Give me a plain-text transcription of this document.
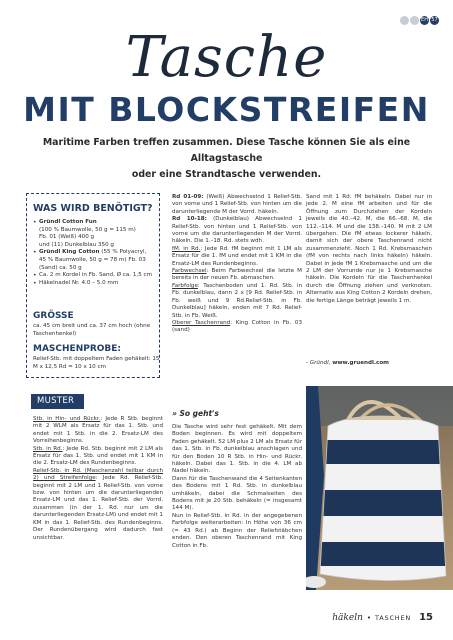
EH 57
Tasche
MIT BLOCKSTREIFEN
Maritime Farben treffen zusammen. Diese Tasche können Sie als eine Alltagstasche
oder eine Strandtasche verwenden.
WAS WIRD BENÖTIGT?
• Gründl Cotton Fun
(100 % Baumwolle, 50 g = 115 m)
Fb. 01 (Weiß) 400 g
und (11) Dunkelblau 350 g
• Gründl King Cotton (55 % Polyacryl,
45 % Baumwolle, 50 g = 78 m) Fb. 03
(Sand) ca. 50 g
• Ca. 2 m Kordel in Fb. Sand, Ø ca. 1,5 cm
• Häkelnadel Nr. 4.0 – 5.0 mm
GRÖSSE
ca. 45 cm breit und ca. 37 cm hoch (ohne Taschenhenkel)
MASCHENPROBE:
Relief-Stb. mit doppeltem Faden gehäkelt: 15 M x 12,5 Rd = 10 x 10 cm
MUSTER

Stb. in Hin- und Rückr.: Jede R Stb. beginnt mit 2 WLM als Ersatz für das 1. Stb. und endet mit 1 Stb. in die 2. Ersatz-LM des Vorreihenbeginns.

Stb. in Rd.: Jede Rd. Stb. beginnt mit 2 LM als Ersatz für das 1. Stb. und endet mit 1 KM in die 2. Ersatz-LM des Rundenbeginns.

Relief-Stb. in Rd. (Maschenzahl teilbar durch 2) und Streifenfolge: Jede Rd. Relief-Stb. beginnt mit 2 LM und 1 Relief-Stb. von vorne bzw. von hinten um die darunterliegenden Ersatz-LM und das 1. Relief-Stb. der Vorrd. zusammen (in der 1. Rd. nur um die darunterliegenden Ersatz-LM) und endet mit 1 KM in das 1. Relief-Stb. des Rundenbeginns. Der Rundenübergang wird dadurch fast unsichtbar.

Rd 01-09: (Weiß) Abwechselnd 1 Relief-Stb. von vorne und 1 Relief-Stb. von hinten um die darunterliegende M der Vorrd. häkeln.

Rd 10-18: (Dunkelblau) Abwechselnd 1 Relief-Stb. von hinten und 1 Relief-Stb. von vorne um die darunterliegenden M der Vorrd. häkeln. Die 1.–18. Rd. stets wdh.

fM. in Rd.: Jede Rd. fM beginnt mit 1 LM als Ersatz für die 1. fM und endet mit 1 KM in die Ersatz-LM des Rundenbeginns.

Farbwechsel: Beim Farbwechsel die letzte M bereits in der neuen Fb. abmaschen.

Farbfolge: Taschenboden und 1. Rd. Stb. in Fb. dunkelblau, dann 2 x [9 Rd. Relief-Stb. in Fb. weiß und 9 Rd.Relief-Stb. in Fb. Dunkelblau] häkeln, enden mit 7 Rd. Relief-Stb. in Fb. Weiß.

Oberer Taschenrand: King Cotton in Fb. 03 (sand)

» So geht's

Die Tasche wird sehr fest gehäkelt. Mit dem Boden beginnen. Es wird mit doppeltem Faden gehäkelt. 52 LM plus 2 LM als Ersatz für das 1. Stb. in Fb. dunkelblau anschlagen und für den Boden 10 R Stb. in Hin- und Rückr. häkeln. Dabei das 1. Stb. in die 4. LM ab Nadel häkeln.

Dann für die Taschenwand die 4 Seitenkanten des Bodens mit 1 Rd. Stb. in dunkelblau umhäkeln, dabei die Schmalseiten des Bodens mit je 20 Stb. behäkeln (= insgesamt 144 M).

Nun in Relief-Stb. in Rd. in der angegebenen Farbfolge weiterarbeiten: In Höhe von 36 cm (= 43 Rd.) ab Beginn der Reliefstäbchen enden. Den oberen Taschenrand mit King Cotton in Fb.

Sand mit 1 Rd. fM behäkeln. Dabei nur in jede 2. M eine fM arbeiten und für die Öffnung zum Durchziehen der Kordeln jeweils die 40.–42. M, die 66.–68. M, die 112.–114. M und die 138.–140. M mit 2 LM übergehen. Die fM etwas lockerer häkeln, damit sich der obere Taschenrand nicht zusammenzieht. Noch 1 Rd. Krebsmaschen (fM von rechts nach links häkeln) häkeln. Dabei in jede fM 1 Krebsmasche und um die 2 LM der Vorrunde nur je 1 Krebsmasche häkeln. Die Kordeln für die Taschenhenkel durch die Öffnung ziehen und verknoten. Alternativ aus King Cotton 2 Kordeln drehen, die fertige Länge beträgt jeweils 1 m.

- Gründl, www.gruendl.com
häkeln • TASCHEN 15
